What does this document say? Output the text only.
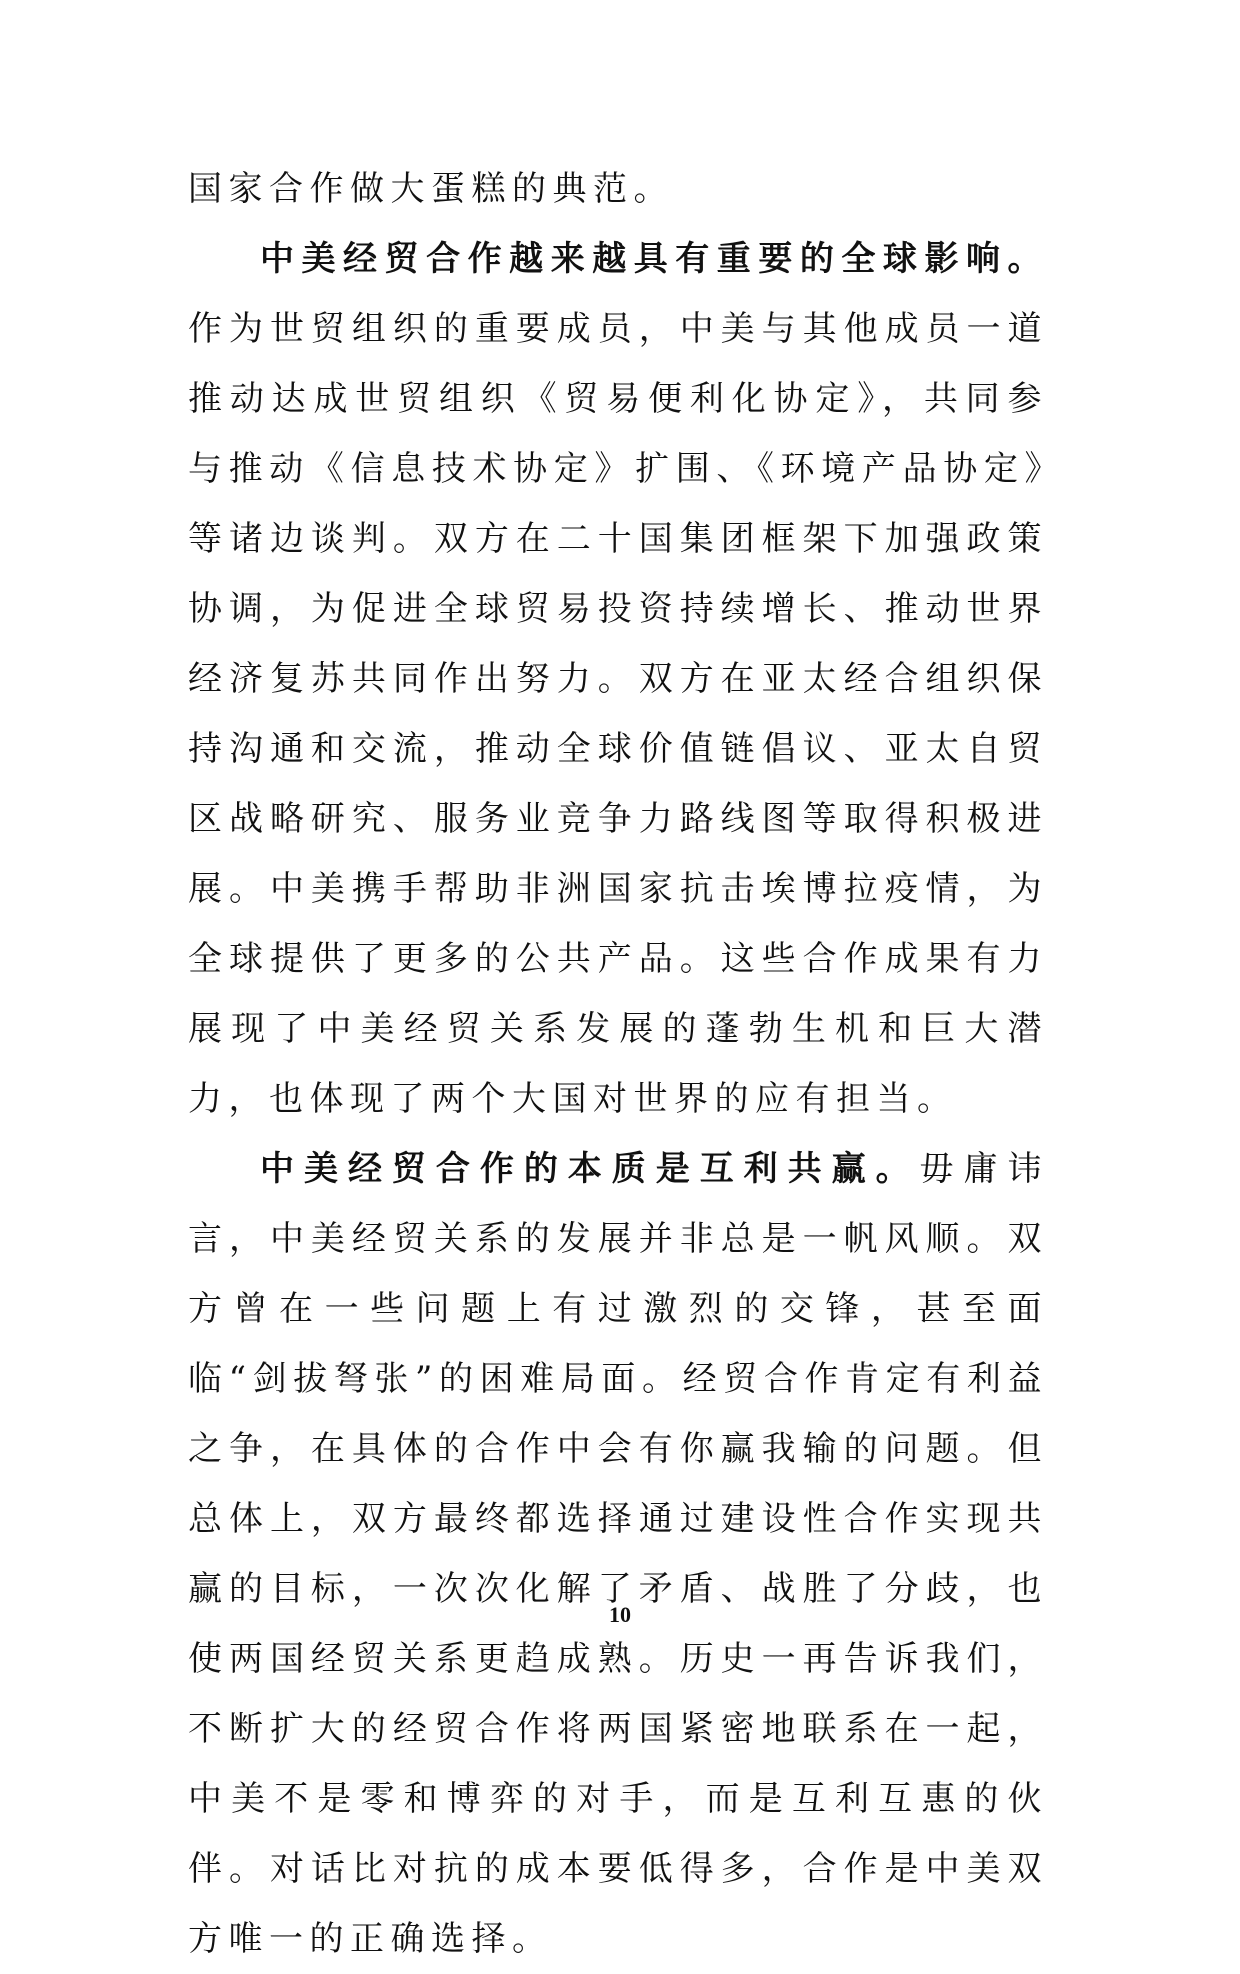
国家合作做大蛋糕的典范。

中美经贸合作越来越具有重要的全球影响。作为世贸组织的重要成员，中美与其他成员一道推动达成世贸组织《贸易便利化协定》，共同参与推动《信息技术协定》扩围、《环境产品协定》等诸边谈判。双方在二十国集团框架下加强政策协调，为促进全球贸易投资持续增长、推动世界经济复苏共同作出努力。双方在亚太经合组织保持沟通和交流，推动全球价值链倡议、亚太自贸区战略研究、服务业竞争力路线图等取得积极进展。中美携手帮助非洲国家抗击埃博拉疫情，为全球提供了更多的公共产品。这些合作成果有力展现了中美经贸关系发展的蓬勃生机和巨大潜力，也体现了两个大国对世界的应有担当。

中美经贸合作的本质是互利共赢。毋庸讳言，中美经贸关系的发展并非总是一帆风顺。双方曾在一些问题上有过激烈的交锋，甚至面临“剑拔弩张”的困难局面。经贸合作肯定有利益之争，在具体的合作中会有你赢我输的问题。但总体上，双方最终都选择通过建设性合作实现共赢的目标，一次次化解了矛盾、战胜了分歧，也使两国经贸关系更趋成熟。历史一再告诉我们，不断扩大的经贸合作将两国紧密地联系在一起，中美不是零和博弈的对手，而是互利互惠的伙伴。对话比对抗的成本要低得多，合作是中美双方唯一的正确选择。

10
